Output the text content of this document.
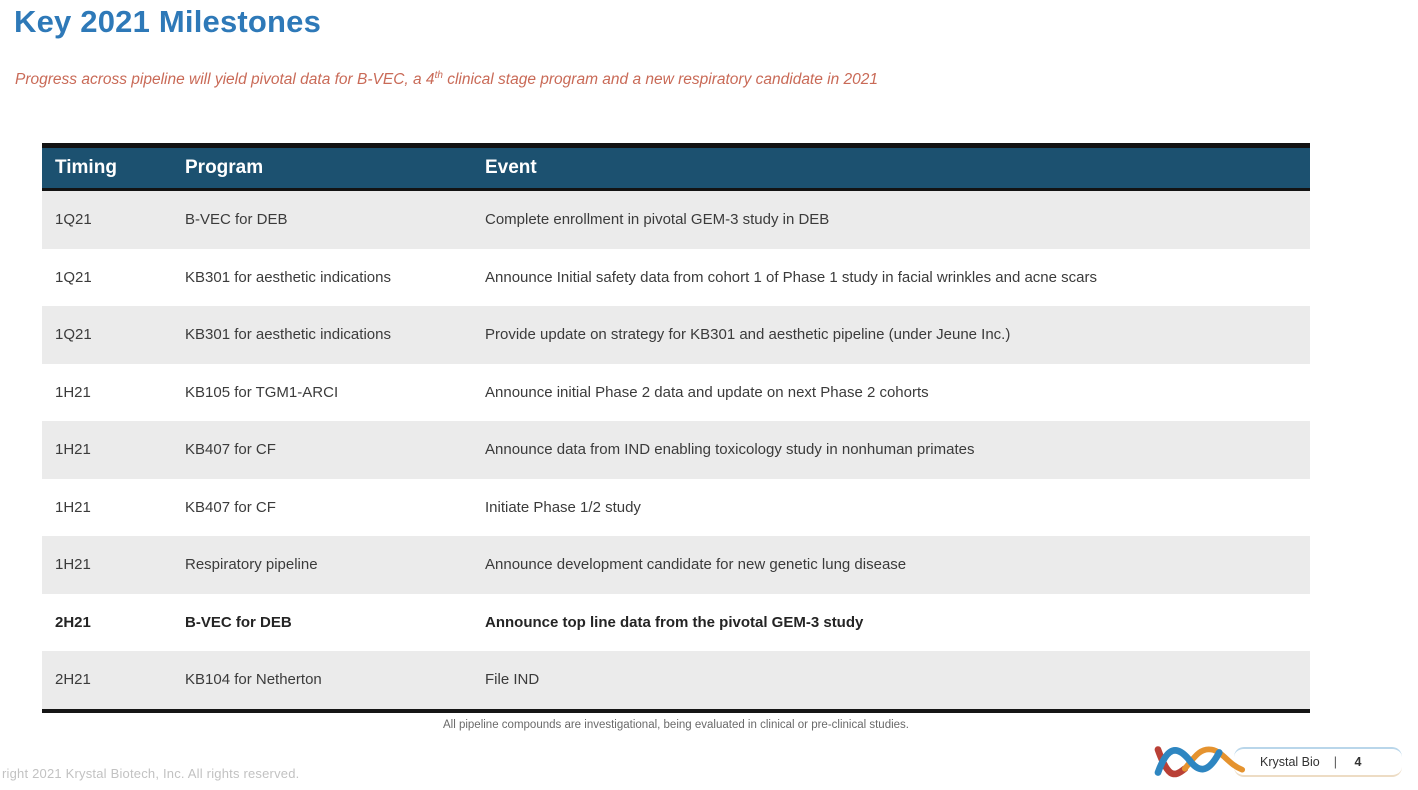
Key 2021 Milestones
Progress across pipeline will yield pivotal data for B-VEC, a 4th clinical stage program and a new respiratory candidate in 2021
Timing	Program	Event
1Q21	B-VEC for DEB	Complete enrollment in pivotal GEM-3 study in DEB
1Q21	KB301 for aesthetic indications	Announce Initial safety data from cohort 1 of Phase 1 study in facial wrinkles and acne scars
1Q21	KB301 for aesthetic indications	Provide update on strategy for KB301 and aesthetic pipeline (under Jeune Inc.)
1H21	KB105 for TGM1-ARCI	Announce initial Phase 2 data and update on next Phase 2 cohorts
1H21	KB407 for CF	Announce data from IND enabling toxicology study in nonhuman primates
1H21	KB407 for CF	Initiate Phase 1/2 study
1H21	Respiratory pipeline	Announce development candidate for new genetic lung disease
2H21	B-VEC for DEB	Announce top line data from the pivotal GEM-3 study
2H21	KB104 for Netherton	File IND
All pipeline compounds are investigational, being evaluated in clinical or pre-clinical studies.
right 2021 Krystal Biotech, Inc. All rights reserved.
Krystal Bio | 4
